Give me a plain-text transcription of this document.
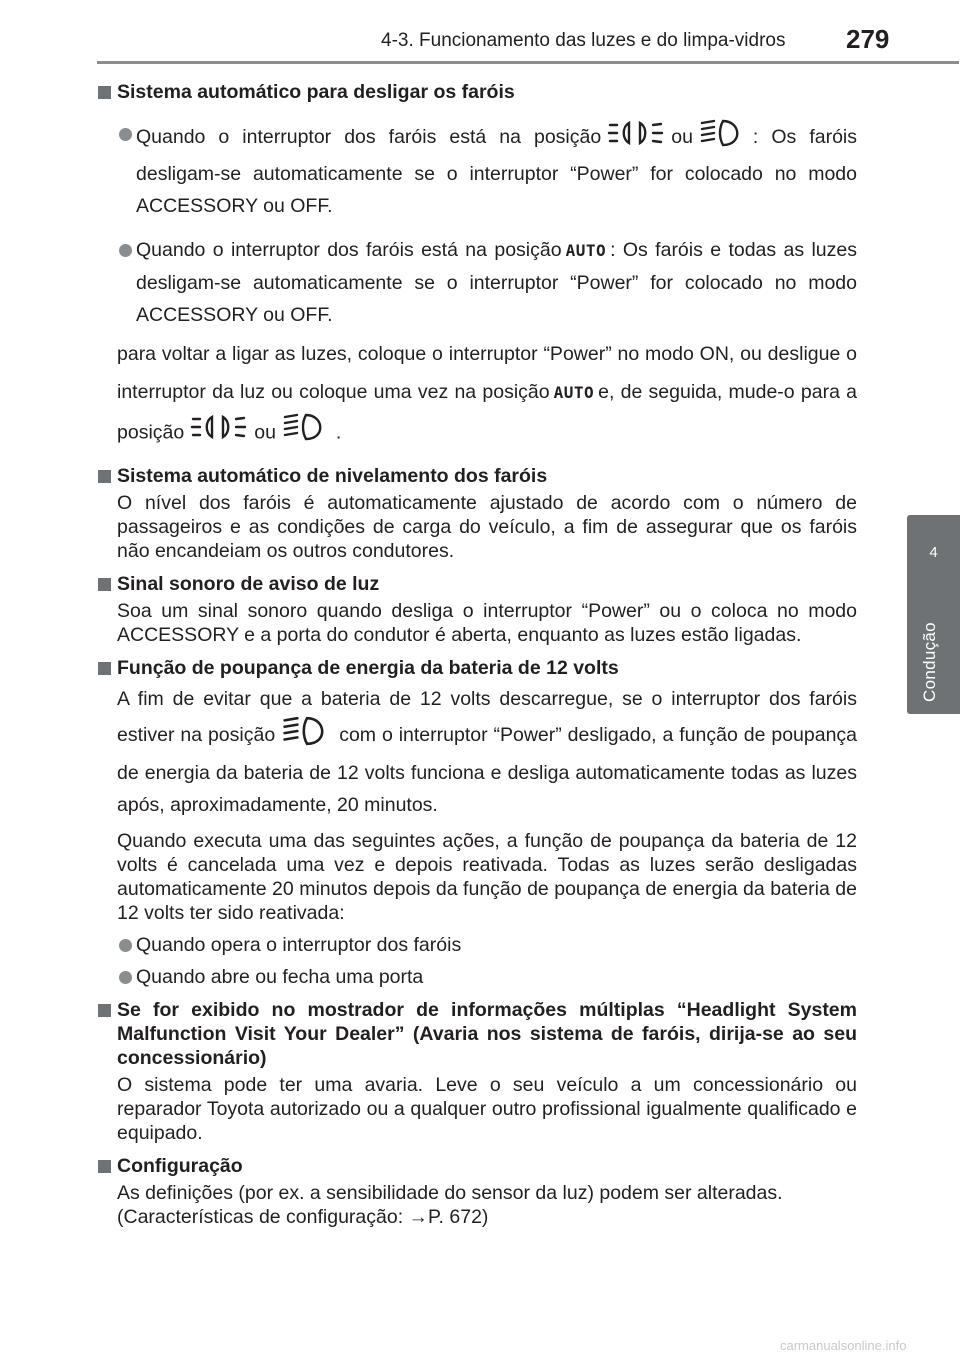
4-3. Funcionamento das luzes e do limpa-vidros 279
4
Condução
Sistema automático para desligar os faróis
Quando o interruptor dos faróis está na posição	ou	: Os faróis desligam-se automaticamente se o interruptor “Power” for colocado no modo ACCESSORY ou OFF.
Quando o interruptor dos faróis está na posição AUTO : Os faróis e todas as luzes desligam-se automaticamente se o interruptor “Power” for colocado no modo ACCESSORY ou OFF.
para voltar a ligar as luzes, coloque o interruptor “Power” no modo ON, ou desligue o interruptor da luz ou coloque uma vez na posição AUTO e, de seguida, mude-o para a posição	ou	.
Sistema automático de nivelamento dos faróis
O nível dos faróis é automaticamente ajustado de acordo com o número de passageiros e as condições de carga do veículo, a fim de assegurar que os faróis não encandeiam os outros condutores.
Sinal sonoro de aviso de luz
Soa um sinal sonoro quando desliga o interruptor “Power” ou o coloca no modo ACCESSORY e a porta do condutor é aberta, enquanto as luzes estão ligadas.
Função de poupança de energia da bateria de 12 volts
A fim de evitar que a bateria de 12 volts descarregue, se o interruptor dos faróis estiver na posição	com o interruptor “Power” desligado, a função de poupança de energia da bateria de 12 volts funciona e desliga automaticamente todas as luzes após, aproximadamente, 20 minutos.
Quando executa uma das seguintes ações, a função de poupança da bateria de 12 volts é cancelada uma vez e depois reativada. Todas as luzes serão desligadas automaticamente 20 minutos depois da função de poupança de energia da bateria de 12 volts ter sido reativada:
Quando opera o interruptor dos faróis
Quando abre ou fecha uma porta
Se for exibido no mostrador de informações múltiplas “Headlight System Malfunction Visit Your Dealer” (Avaria nos sistema de faróis, dirija-se ao seu concessionário)
O sistema pode ter uma avaria. Leve o seu veículo a um concessionário ou reparador Toyota autorizado ou a qualquer outro profissional igualmente qualificado e equipado.
Configuração
As definições (por ex. a sensibilidade do sensor da luz) podem ser alteradas.
(Características de configuração: →P. 672)
carmanualsonline.info
